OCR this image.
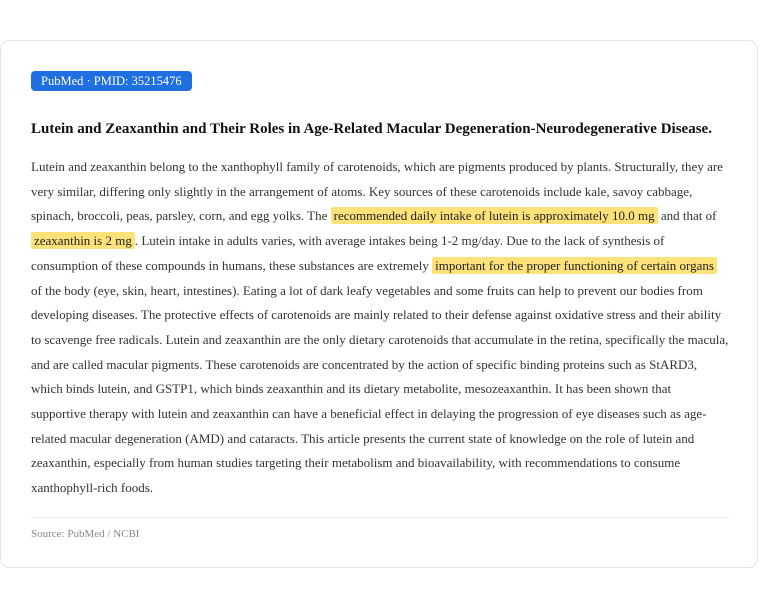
PubMed · PMID: 35215476
Lutein and Zeaxanthin and Their Roles in Age-Related Macular Degeneration-Neurodegenerative Disease.

Lutein and zeaxanthin belong to the xanthophyll family of carotenoids, which are pigments produced by plants. Structurally, they are very similar, differing only slightly in the arrangement of atoms. Key sources of these carotenoids include kale, savoy cabbage, spinach, broccoli, peas, parsley, corn, and egg yolks. The recommended daily intake of lutein is approximately 10.0 mg and that of zeaxanthin is 2 mg . Lutein intake in adults varies, with average intakes being 1-2 mg/day. Due to the lack of synthesis of consumption of these compounds in humans, these substances are extremely important for the proper functioning of certain organs of the body (eye, skin, heart, intestines). Eating a lot of dark leafy vegetables and some fruits can help to prevent our bodies from developing diseases. The protective effects of carotenoids are mainly related to their defense against oxidative stress and their ability to scavenge free radicals. Lutein and zeaxanthin are the only dietary carotenoids that accumulate in the retina, specifically the macula, and are called macular pigments. These carotenoids are concentrated by the action of specific binding proteins such as StARD3, which binds lutein, and GSTP1, which binds zeaxanthin and its dietary metabolite, mesozeaxanthin. It has been shown that supportive therapy with lutein and zeaxanthin can have a beneficial effect in delaying the progression of eye diseases such as age-related macular degeneration (AMD) and cataracts. This article presents the current state of knowledge on the role of lutein and zeaxanthin, especially from human studies targeting their metabolism and bioavailability, with recommendations to consume xanthophyll-rich foods.

Source: PubMed / NCBI
